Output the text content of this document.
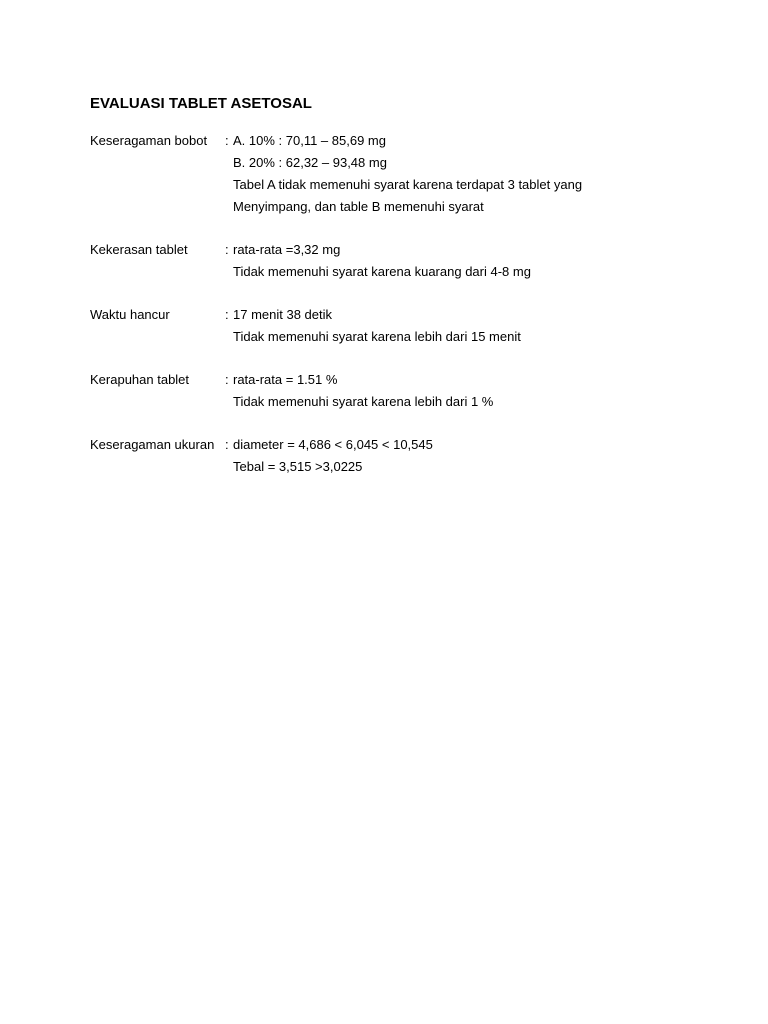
EVALUASI TABLET ASETOSAL
Keseragaman bobot : A. 10% : 70,11 – 85,69 mg
B. 20% : 62,32 – 93,48 mg
Tabel A tidak memenuhi syarat karena terdapat 3 tablet yang
Menyimpang, dan table B memenuhi syarat
Kekerasan tablet	: rata-rata =3,32 mg
Tidak memenuhi syarat karena kuarang dari 4-8 mg
Waktu hancur	: 17 menit 38 detik
Tidak memenuhi syarat karena lebih dari 15 menit
Kerapuhan tablet	: rata-rata = 1.51 %
Tidak memenuhi syarat karena lebih dari 1 %
Keseragaman ukuran : diameter = 4,686 < 6,045 < 10,545
Tebal = 3,515 >3,0225
